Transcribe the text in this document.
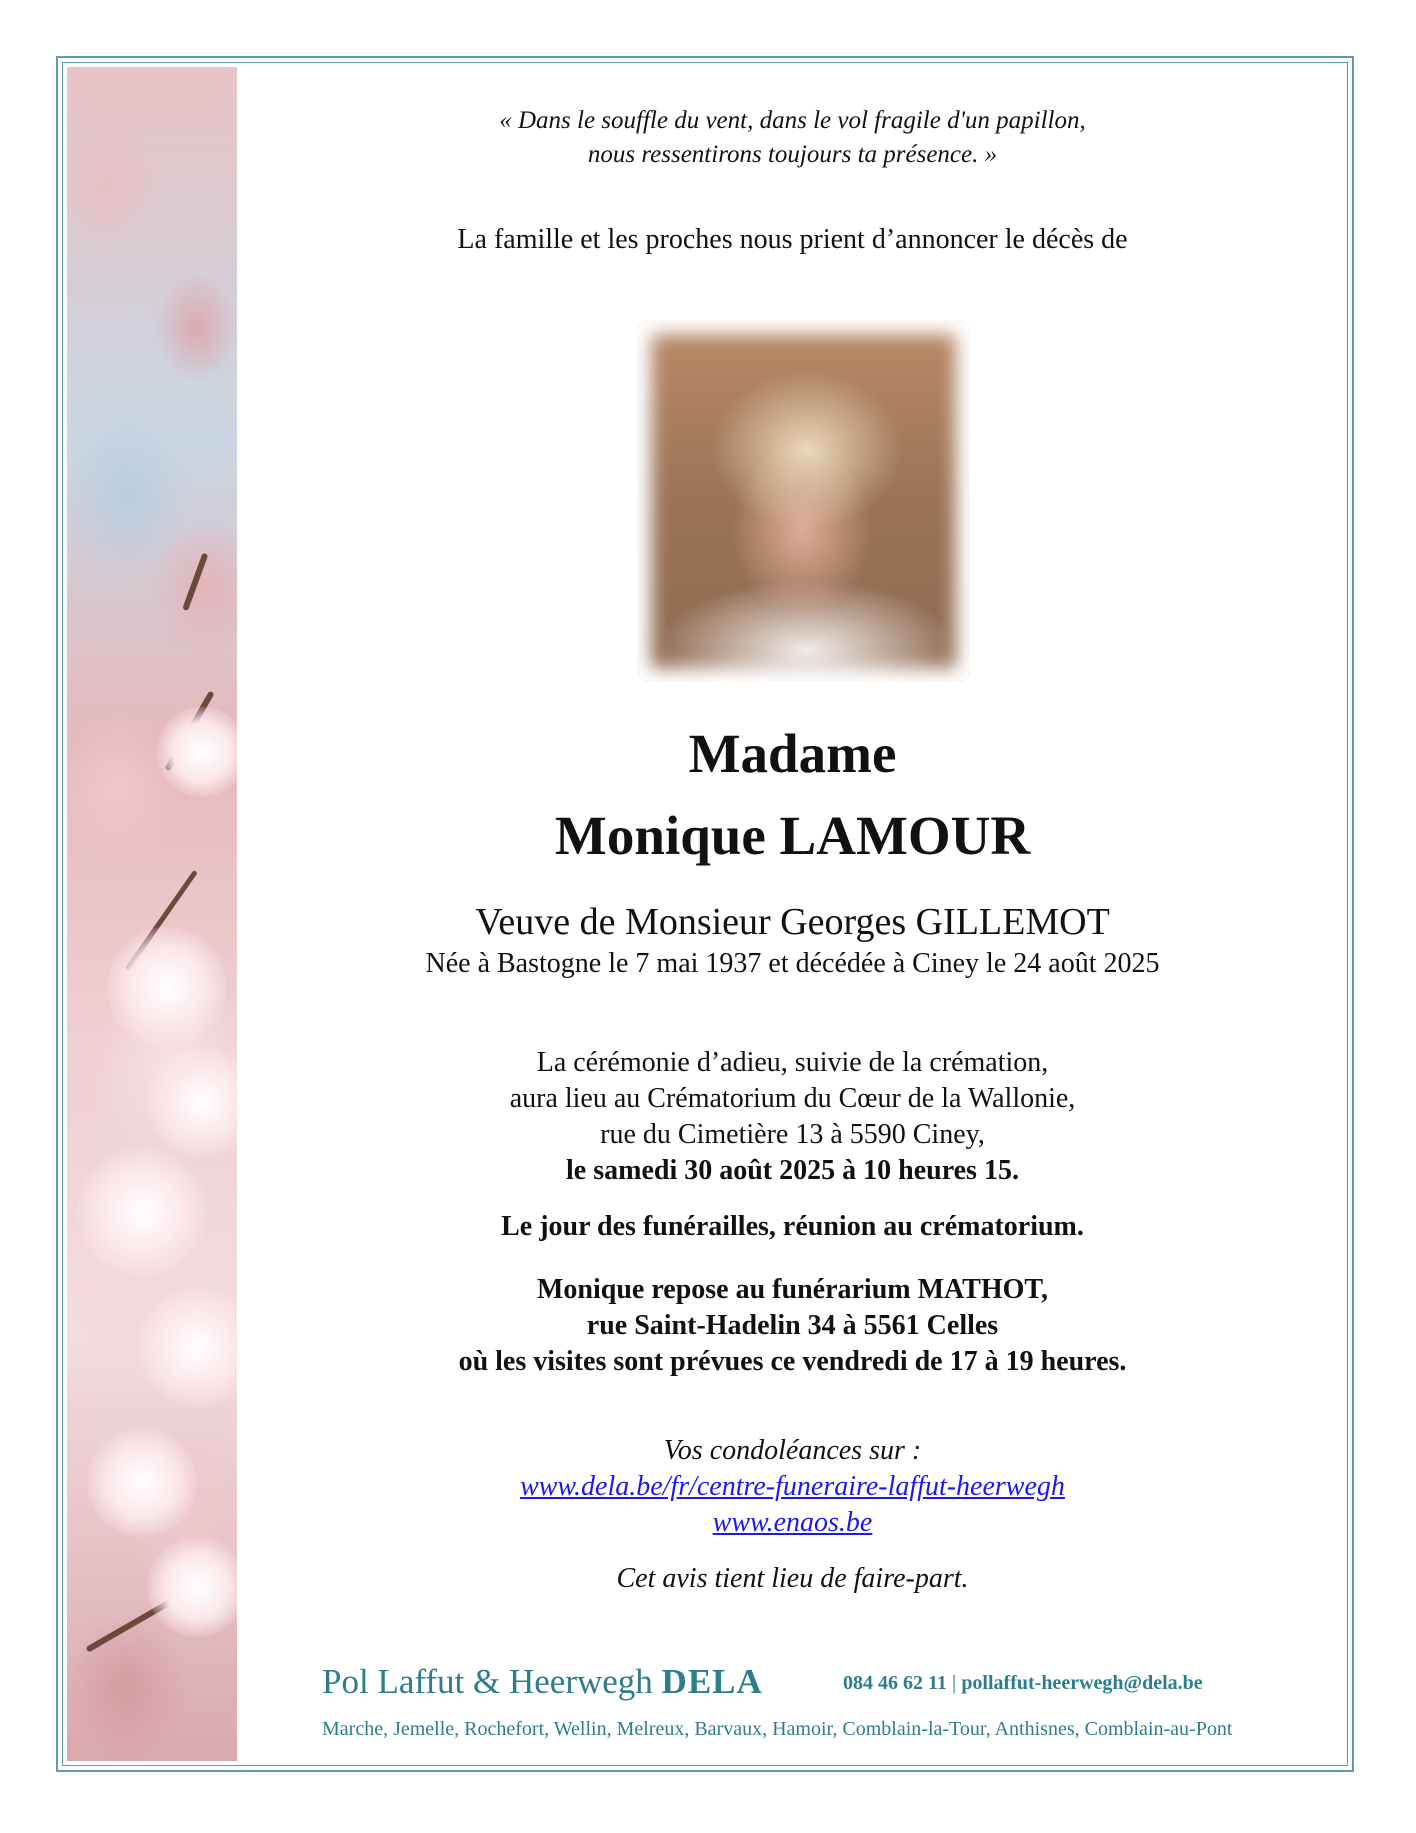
« Dans le souffle du vent, dans le vol fragile d'un papillon,
nous ressentirons toujours ta présence. »
La famille et les proches nous prient d’annoncer le décès de
Madame
Monique LAMOUR
Veuve de Monsieur Georges GILLEMOT
Née à Bastogne le 7 mai 1937 et décédée à Ciney le 24 août 2025
La cérémonie d’adieu, suivie de la crémation,
aura lieu au Crématorium du Cœur de la Wallonie,
rue du Cimetière 13 à 5590 Ciney,
le samedi 30 août 2025 à 10 heures 15.
Le jour des funérailles, réunion au crématorium.
Monique repose au funérarium MATHOT,
rue Saint-Hadelin 34 à 5561 Celles
où les visites sont prévues ce vendredi de 17 à 19 heures.
Vos condoléances sur :
www.dela.be/fr/centre-funeraire-laffut-heerwegh
www.enaos.be
Cet avis tient lieu de faire-part.
Pol Laffut & Heerwegh DELA	084 46 62 11 | pollaffut-heerwegh@dela.be
Marche, Jemelle, Rochefort, Wellin, Melreux, Barvaux, Hamoir, Comblain-la-Tour, Anthisnes, Comblain-au-Pont
